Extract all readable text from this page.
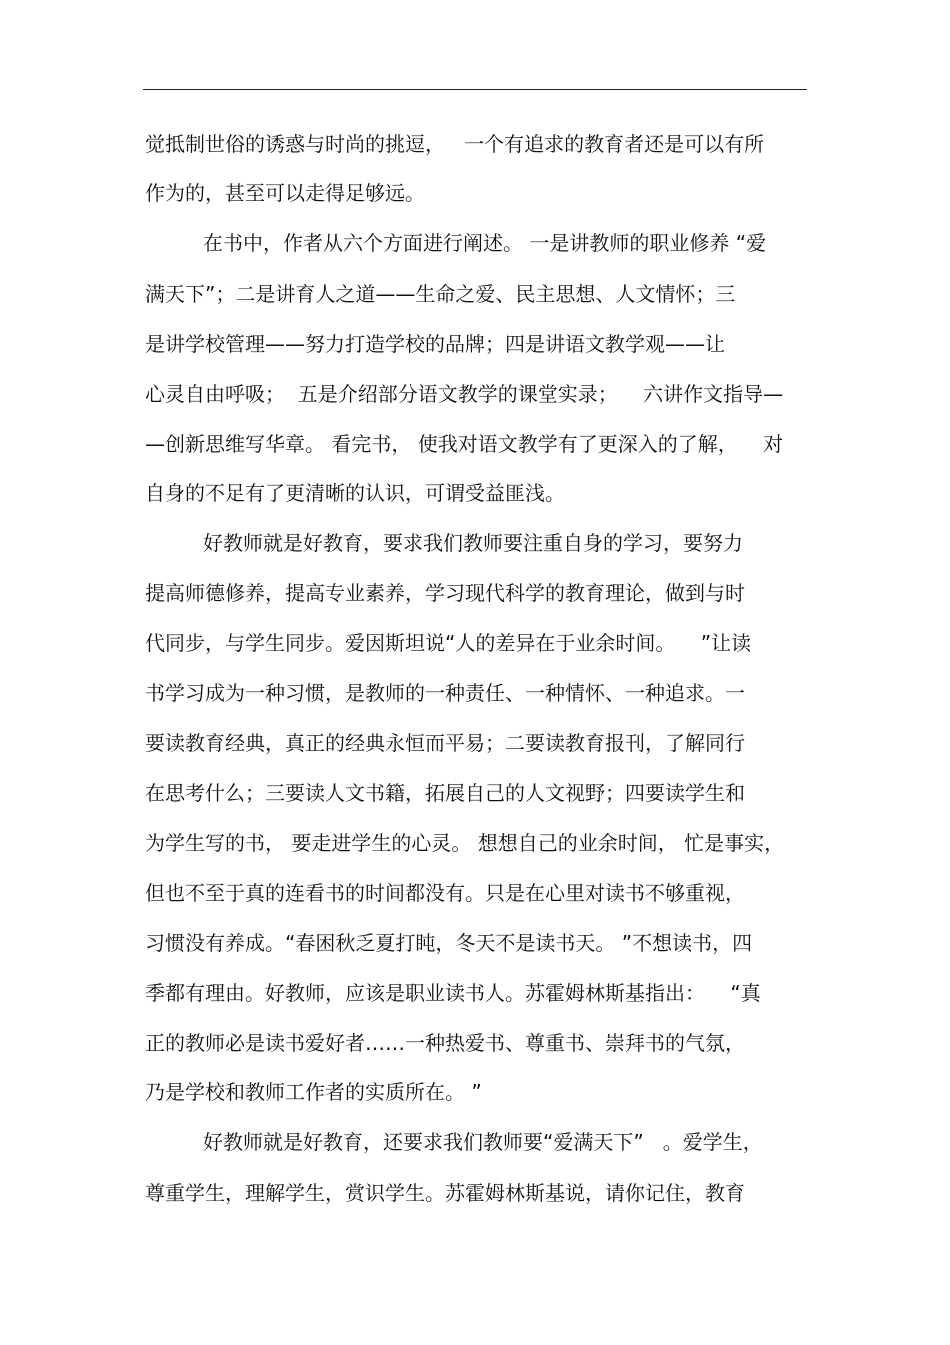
觉抵制世俗的诱惑与时尚的挑逗，   一个有追求的教育者还是可以有所
作为的，甚至可以走得足够远。
在书中，作者从六个方面进行阐述。 一是讲教师的职业修养 “爱
满天下”；二是讲育人之道——生命之爱、民主思想、人文情怀；三
是讲学校管理——努力打造学校的品牌；四是讲语文教学观——让
心灵自由呼吸；  五是介绍部分语文教学的课堂实录；    六讲作文指导—
—创新思维写华章。 看完书， 使我对语文教学有了更深入的了解，    对
自身的不足有了更清晰的认识，可谓受益匪浅。
好教师就是好教育，要求我们教师要注重自身的学习，要努力
提高师德修养，提高专业素养，学习现代科学的教育理论，做到与时
代同步，与学生同步。爱因斯坦说“人的差异在于业余时间。    ”让读
书学习成为一种习惯，是教师的一种责任、一种情怀、一种追求。一
要读教育经典，真正的经典永恒而平易；二要读教育报刊，了解同行
在思考什么；三要读人文书籍，拓展自己的人文视野；四要读学生和
为学生写的书， 要走进学生的心灵。 想想自己的业余时间， 忙是事实，
但也不至于真的连看书的时间都没有。只是在心里对读书不够重视，
习惯没有养成。“春困秋乏夏打盹，冬天不是读书天。 ”不想读书，四
季都有理由。好教师，应该是职业读书人。苏霍姆林斯基指出：    “真
正的教师必是读书爱好者……一种热爱书、尊重书、崇拜书的气氛，
乃是学校和教师工作者的实质所在。 ”
好教师就是好教育，还要求我们教师要“爱满天下”   。爱学生，
尊重学生，理解学生，赏识学生。苏霍姆林斯基说，请你记住，教育
